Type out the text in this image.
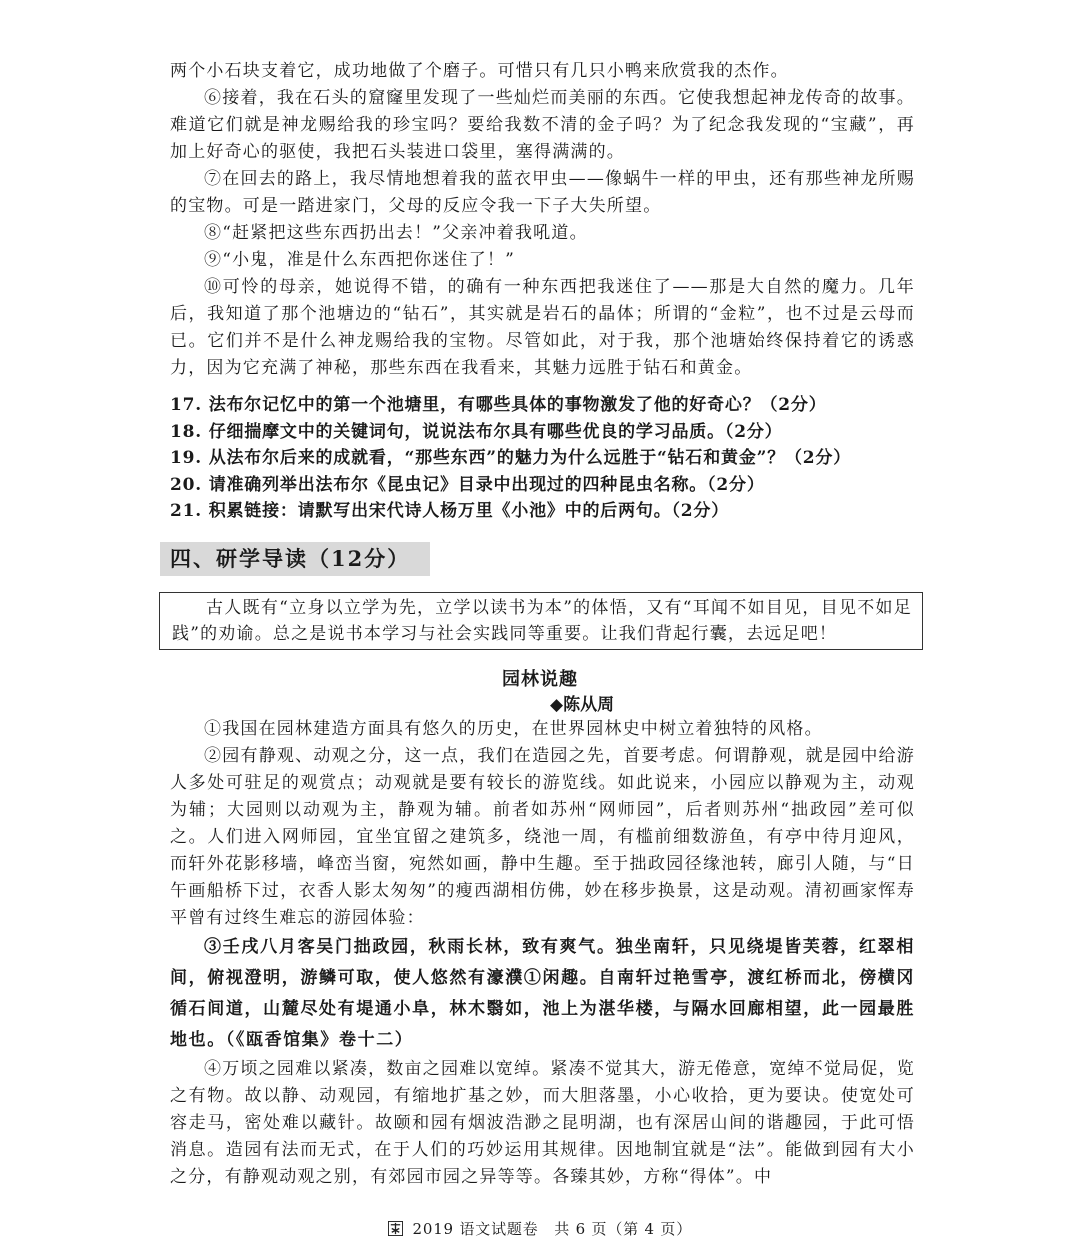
两个小石块支着它，成功地做了个磨子。可惜只有几只小鸭来欣赏我的杰作。

⑥接着，我在石头的窟窿里发现了一些灿烂而美丽的东西。它使我想起神龙传奇的故事。难道它们就是神龙赐给我的珍宝吗？要给我数不清的金子吗？为了纪念我发现的“宝藏”，再加上好奇心的驱使，我把石头装进口袋里，塞得满满的。

⑦在回去的路上，我尽情地想着我的蓝衣甲虫——像蜗牛一样的甲虫，还有那些神龙所赐的宝物。可是一踏进家门，父母的反应令我一下子大失所望。

⑧“赶紧把这些东西扔出去！”父亲冲着我吼道。

⑨“小鬼，准是什么东西把你迷住了！”

⑩可怜的母亲，她说得不错，的确有一种东西把我迷住了——那是大自然的魔力。几年后，我知道了那个池塘边的“钻石”，其实就是岩石的晶体；所谓的“金粒”，也不过是云母而已。它们并不是什么神龙赐给我的宝物。尽管如此，对于我，那个池塘始终保持着它的诱惑力，因为它充满了神秘，那些东西在我看来，其魅力远胜于钻石和黄金。

17. 法布尔记忆中的第一个池塘里，有哪些具体的事物激发了他的好奇心？（2分）

18. 仔细揣摩文中的关键词句，说说法布尔具有哪些优良的学习品质。（2分）

19. 从法布尔后来的成就看，“那些东西”的魅力为什么远胜于“钻石和黄金”？（2分）

20. 请准确列举出法布尔《昆虫记》目录中出现过的四种昆虫名称。（2分）

21. 积累链接：请默写出宋代诗人杨万里《小池》中的后两句。（2分）

四、研学导读（12分）
古人既有“立身以立学为先，立学以读书为本”的体悟，又有“耳闻不如目见，目见不如足践”的劝谕。总之是说书本学习与社会实践同等重要。让我们背起行囊，去远足吧！
园林说趣
◆陈从周

①我国在园林建造方面具有悠久的历史，在世界园林史中树立着独特的风格。

②园有静观、动观之分，这一点，我们在造园之先，首要考虑。何谓静观，就是园中给游人多处可驻足的观赏点；动观就是要有较长的游览线。如此说来，小园应以静观为主，动观为辅；大园则以动观为主，静观为辅。前者如苏州“网师园”，后者则苏州“拙政园”差可似之。人们进入网师园，宜坐宜留之建筑多，绕池一周，有槛前细数游鱼，有亭中待月迎风，而轩外花影移墙，峰峦当窗，宛然如画，静中生趣。至于拙政园径缘池转，廊引人随，与“日午画船桥下过，衣香人影太匆匆”的瘦西湖相仿佛，妙在移步换景，这是动观。清初画家恽寿平曾有过终生难忘的游园体验：

③壬戌八月客吴门拙政园，秋雨长林，致有爽气。独坐南轩，只见绕堤皆芙蓉，红翠相间，俯视澄明，游鳞可取，使人悠然有濠濮①闲趣。自南轩过艳雪亭，渡红桥而北，傍横冈循石间道，山麓尽处有堤通小阜，林木翳如，池上为湛华楼，与隔水回廊相望，此一园最胜地也。（《瓯香馆集》卷十二）

④万顷之园难以紧凑，数亩之园难以宽绰。紧凑不觉其大，游无倦意，宽绰不觉局促，览之有物。故以静、动观园，有缩地扩基之妙，而大胆落墨，小心收拾，更为要诀。使宽处可容走马，密处难以藏针。故颐和园有烟波浩渺之昆明湖，也有深居山间的谐趣园，于此可悟消息。造园有法而无式，在于人们的巧妙运用其规律。因地制宜就是“法”。能做到园有大小之分，有静观动观之别，有郊园市园之异等等。各臻其妙，方称“得体”。中

2019 语文试题卷　共 6 页（第 4 页）
